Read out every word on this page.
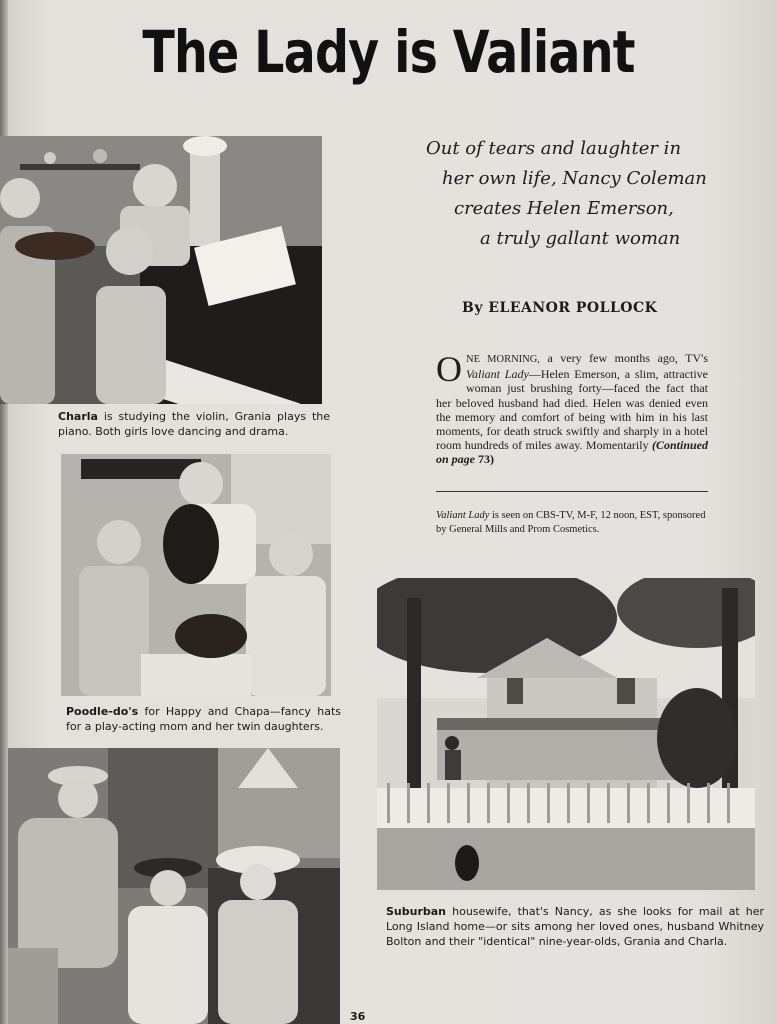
The Lady is Valiant
Charla is studying the violin, Grania plays the piano. Both girls love dancing and drama.
Poodle-do's for Happy and Chapa—fancy hats for a play-acting mom and her twin daughters.
Out of tears and laughter in
her own life, Nancy Coleman
creates Helen Emerson,
a truly gallant woman
By ELEANOR POLLOCK
ONE MORNING, a very few months ago, TV's Valiant Lady—Helen Emerson, a slim, attractive woman just brushing forty—faced the fact that her beloved husband had died. Helen was denied even the memory and comfort of being with him in his last moments, for death struck swiftly and sharply in a hotel room hundreds of miles away. Momentarily (Continued on page 73)
Valiant Lady is seen on CBS-TV, M-F, 12 noon, EST, sponsored by General Mills and Prom Cosmetics.
Suburban housewife, that's Nancy, as she looks for mail at her Long Island home—or sits among her loved ones, husband Whitney Bolton and their "identical" nine-year-olds, Grania and Charla.
36
